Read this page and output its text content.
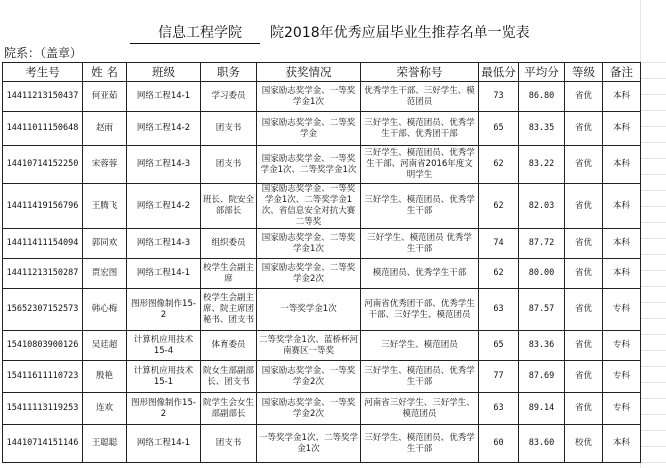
信息工程学院 院2018年优秀应届毕业生推荐名单一览表
院系：（盖章）
考生号	姓 名	班级	职务	获奖情况	荣誉称号	最低分	平均分	等级	备注
14411213150437	何亚茹	网络工程14-1	学习委员	国家励志奖学金、一等奖学金1次	优秀学生干部、三好学生、模范团员	73	86.80	省优	本科
14411011150648	赵雨	网络工程14-2	团支书	国家励志奖学金、二等奖学金	三好学生、模范团员、优秀学生干部、优秀团干部	65	83.35	省优	本科
14410714152250	宋蓉蓉	网络工程14-3	团支书	国家励志奖学金、一等奖学金1次、二等奖学金1次	三好学生、模范团员、优秀学生干部、河南省2016年度文明学生	62	83.22	省优	本科
14411419156796	王腾飞	网络工程14-2	班长、院安全部部长	国家励志奖学金、一等奖学金1次、二等奖学金1次、省信息安全对抗大赛二等奖	三好学生、模范团员、优秀学生干部	62	82.03	省优	本科
14411411154094	郭同欢	网络工程14-3	组织委员	国家励志奖学金、二等奖学金1次	三好学生、模范团员 优秀学生干部	74	87.72	省优	本科
14411213150287	贾宏图	网络工程14-1	校学生会副主席	国家励志奖学金、二等奖学金2次	模范团员、优秀学生干部	62	80.00	省优	本科
15652307152573	韩心梅	图形图像制作15-2	校学生会副主席、院主席团秘书、团支书	一等奖学金1次	河南省优秀团干部、优秀学生干部、三好学生、模范团员	63	87.57	省优	专科
15410803900126	吴廷超	计算机应用技术15-4	体育委员	二等奖学金1次、蓝桥杯河南赛区一等奖	三好学生、模范团员	65	83.36	省优	专科
15411611110723	殷艳	计算机应用技术15-1	院女生部副部长、团支书	国家励志奖学金、一等奖学金2次	三好学生、模范团员、优秀学生干部	77	87.69	省优	专科
15411113119253	连欢	图形图像制作15-2	院学生会女生部副部长	国家励志奖学金、一等奖学金2次	河南省三好学生、三好学生、模范团员	63	89.14	省优	专科
14410714151146	王聪聪	网络工程14-1	团支书	一等奖学金1次、二等奖学金1次	三好学生、模范团员、优秀学生干部	60	83.60	校优	本科
